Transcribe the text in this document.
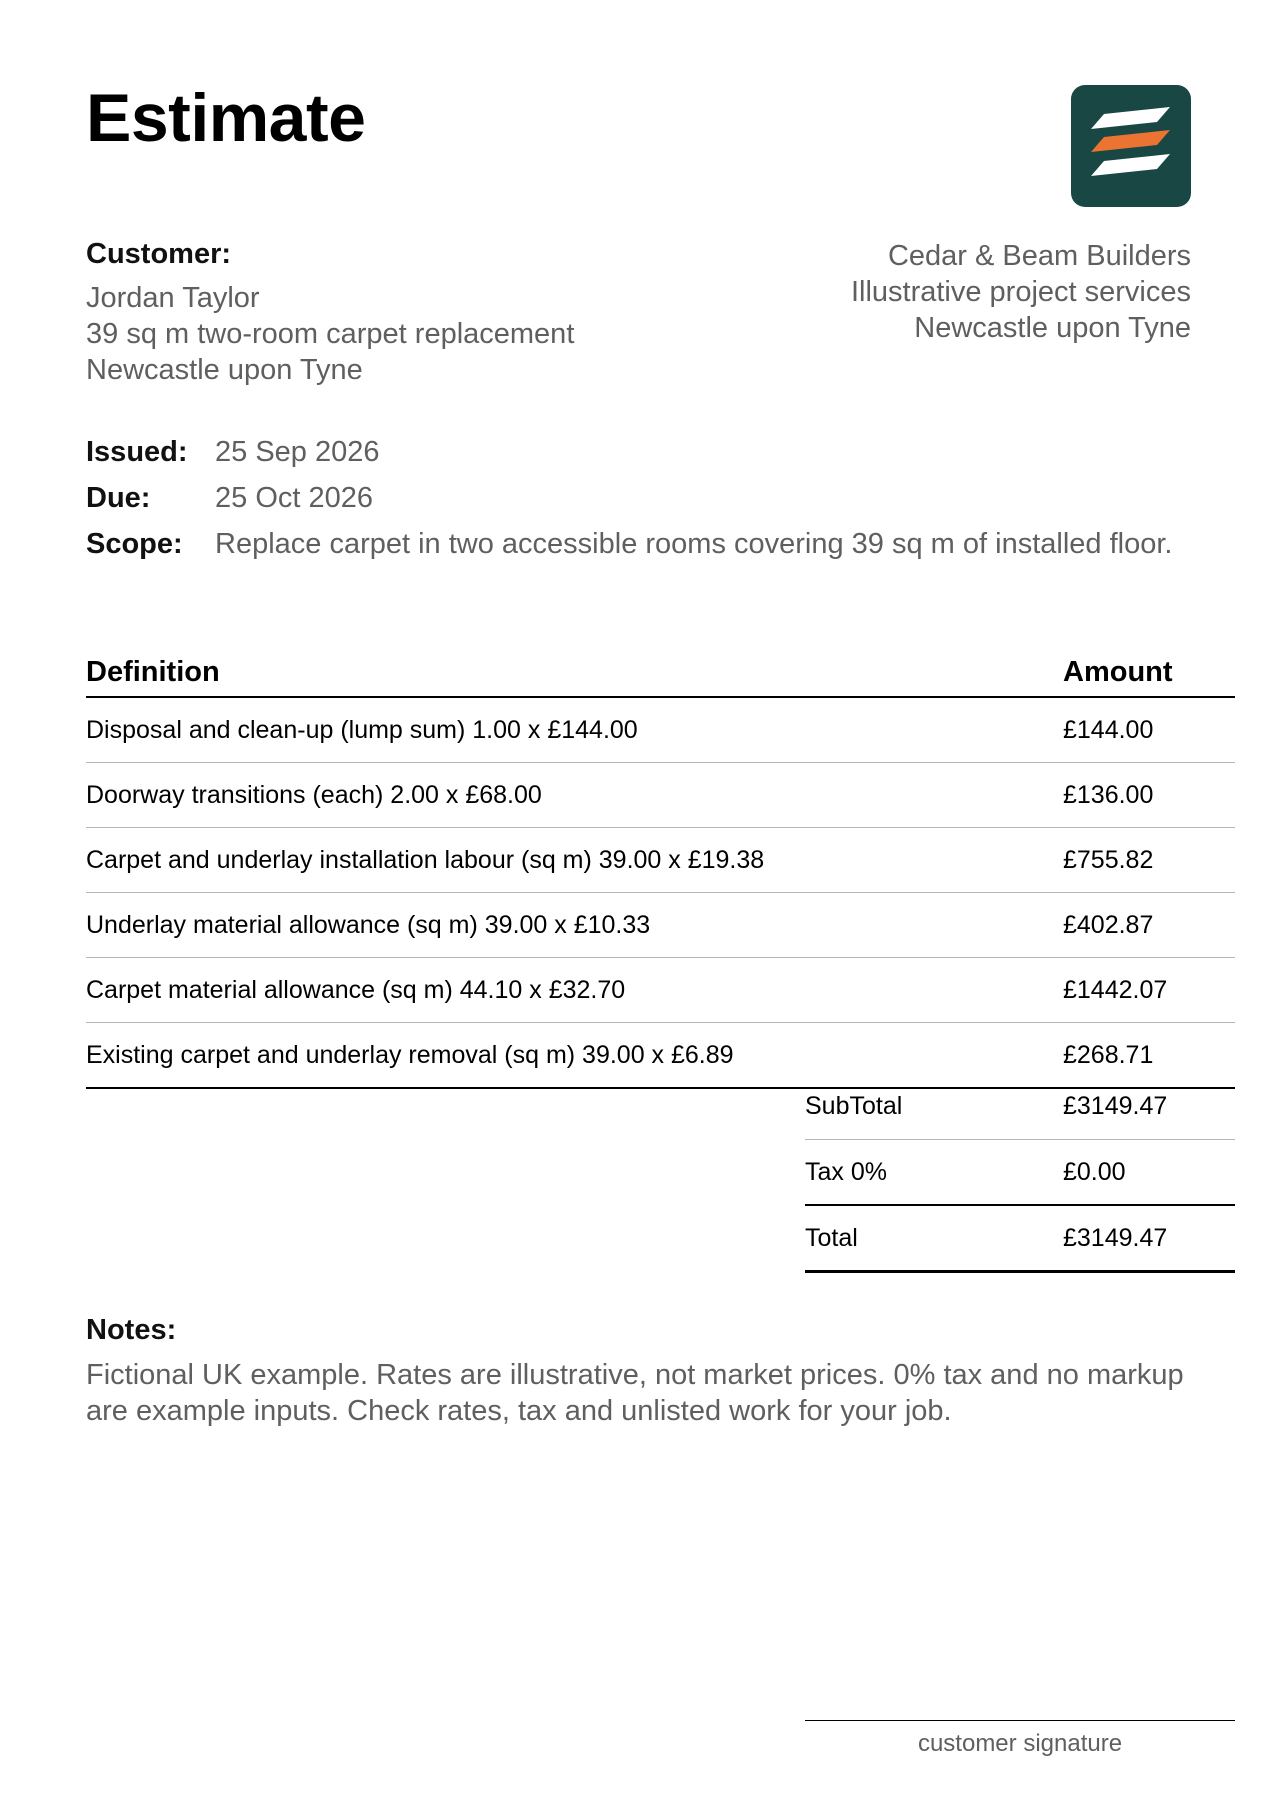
Estimate
Customer:
Jordan Taylor
39 sq m two-room carpet replacement
Newcastle upon Tyne
Cedar & Beam Builders
Illustrative project services
Newcastle upon Tyne
Issued: 25 Sep 2026
Due:	25 Oct 2026
Scope:	Replace carpet in two accessible rooms covering 39 sq m of installed floor.
Definition	Amount
Disposal and clean-up (lump sum) 1.00 x £144.00	£144.00
Doorway transitions (each) 2.00 x £68.00	£136.00
Carpet and underlay installation labour (sq m) 39.00 x £19.38	£755.82
Underlay material allowance (sq m) 39.00 x £10.33	£402.87
Carpet material allowance (sq m) 44.10 x £32.70	£1442.07
Existing carpet and underlay removal (sq m) 39.00 x £6.89	£268.71
SubTotal	£3149.47
Tax 0%	£0.00
Total	£3149.47
Notes:
Fictional UK example. Rates are illustrative, not market prices. 0% tax and no markup are example inputs. Check rates, tax and unlisted work for your job.
customer signature
